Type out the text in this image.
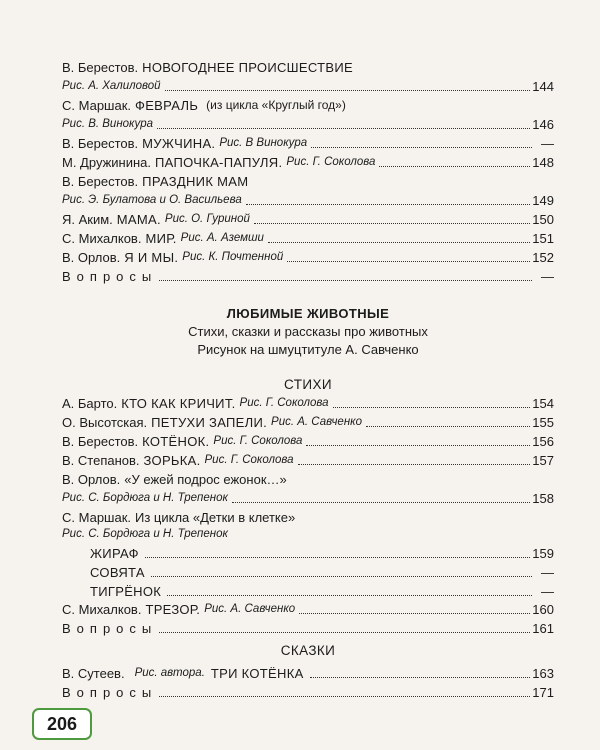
В. Берестов. НОВОГОДНЕЕ ПРОИСШЕСТВИЕ
Рис. А. Халиловой	144
С. Маршак. ФЕВРАЛЬ (из цикла «Круглый год»)
Рис. В. Винокура	146
В. Берестов. МУЖЧИНА. Рис. В Винокура	—
М. Дружинина. ПАПОЧКА-ПАПУЛЯ. Рис. Г. Соколова	148
В. Берестов. ПРАЗДНИК МАМ
Рис. Э. Булатова и О. Васильева	149
Я. Аким. МАМА. Рис. О. Гуриной	150
С. Михалков. МИР. Рис. А. Аземши	151
В. Орлов. Я И МЫ. Рис. К. Почтенной	152
Вопросы	—
ЛЮБИМЫЕ ЖИВОТНЫЕ
Стихи, сказки и рассказы про животных
Рисунок на шмуцтитуле А. Савченко
СТИХИ
А. Барто. КТО КАК КРИЧИТ. Рис. Г. Соколова	154
О. Высотская. ПЕТУХИ ЗАПЕЛИ. Рис. А. Савченко	155
В. Берестов. КОТЁНОК. Рис. Г. Соколова	156
В. Степанов. ЗОРЬКА. Рис. Г. Соколова	157
В. Орлов. «У ежей подрос ежонок…»
Рис. С. Бордюга и Н. Трепенок	158
С. Маршак. Из цикла «Детки в клетке»
Рис. С. Бордюга и Н. Трепенок
ЖИРАФ	159
СОВЯТА	—
ТИГРЁНОК	—
С. Михалков. ТРЕЗОР. Рис. А. Савченко	160
Вопросы	161
СКАЗКИ
В. Сутеев. Рис. автора. ТРИ КОТЁНКА	163
Вопросы	171
206
